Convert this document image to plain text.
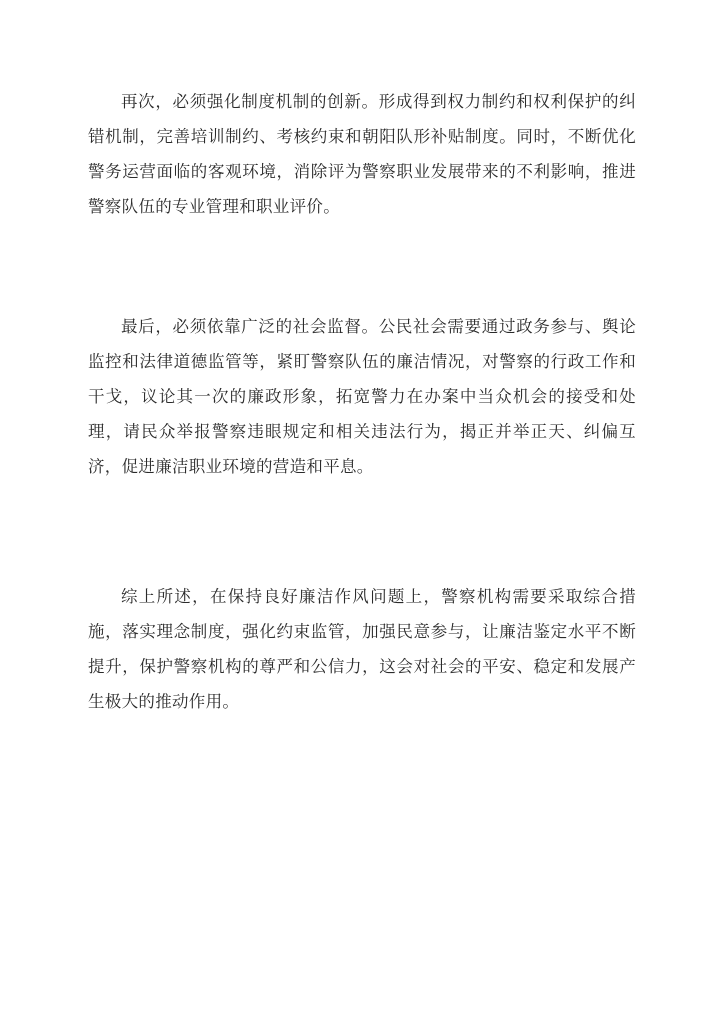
再次，必须强化制度机制的创新。形成得到权力制约和权利保护的纠错机制，完善培训制约、考核约束和朝阳队形补贴制度。同时，不断优化警务运营面临的客观环境，消除评为警察职业发展带来的不利影响，推进警察队伍的专业管理和职业评价。

最后，必须依靠广泛的社会监督。公民社会需要通过政务参与、舆论监控和法律道德监管等，紧盯警察队伍的廉洁情况，对警察的行政工作和干戈，议论其一次的廉政形象，拓宽警力在办案中当众机会的接受和处理，请民众举报警察违眼规定和相关违法行为，揭正并举正天、纠偏互济，促进廉洁职业环境的营造和平息。

综上所述，在保持良好廉洁作风问题上，警察机构需要采取综合措施，落实理念制度，强化约束监管，加强民意参与，让廉洁鉴定水平不断提升，保护警察机构的尊严和公信力，这会对社会的平安、稳定和发展产生极大的推动作用。
